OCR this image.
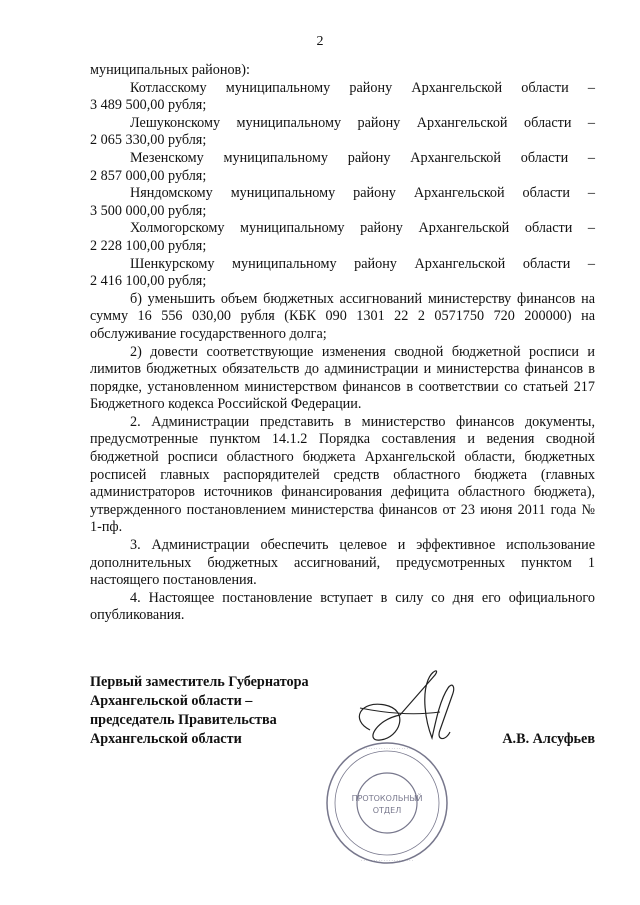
2

муниципальных районов):

Котласскому муниципальному району Архангельской области –

3 489 500,00 рубля;

Лешуконскому муниципальному району Архангельской области –

2 065 330,00 рубля;

Мезенскому муниципальному району Архангельской области –

2 857 000,00 рубля;

Няндомскому муниципальному району Архангельской области –

3 500 000,00 рубля;

Холмогорскому муниципальному району Архангельской области –

2 228 100,00 рубля;

Шенкурскому муниципальному району Архангельской области –

2 416 100,00 рубля;

б) уменьшить объем бюджетных ассигнований министерству финансов на сумму 16 556 030,00 рубля (КБК 090 1301 22 2 0571750 720 200000) на обслуживание государственного долга;

2) довести соответствующие изменения сводной бюджетной росписи и лимитов бюджетных обязательств до администрации и министерства финансов в порядке, установленном министерством финансов в соответствии со статьей 217 Бюджетного кодекса Российской Федерации.

2. Администрации представить в министерство финансов документы, предусмотренные пунктом 14.1.2 Порядка составления и ведения сводной бюджетной росписи областного бюджета Архангельской области, бюджетных росписей главных распорядителей средств областного бюджета (главных администраторов источников финансирования дефицита областного бюджета), утвержденного постановлением министерства финансов от 23 июня 2011 года № 1-пф.

3. Администрации обеспечить целевое и эффективное использование дополнительных бюджетных ассигнований, предусмотренных пунктом 1 настоящего постановления.

4. Настоящее постановление вступает в силу со дня его официального опубликования.

· · · · · · · · · · · · · · · · · · · · ·
· · · · · · · · · · · · · · · · · · · · ·
ПРОТОКОЛЬНЫЙ
ОТДЕЛ
Первый заместитель Губернатора
Архангельской области –
председатель Правительства
Архангельской области	А.В. Алсуфьев
